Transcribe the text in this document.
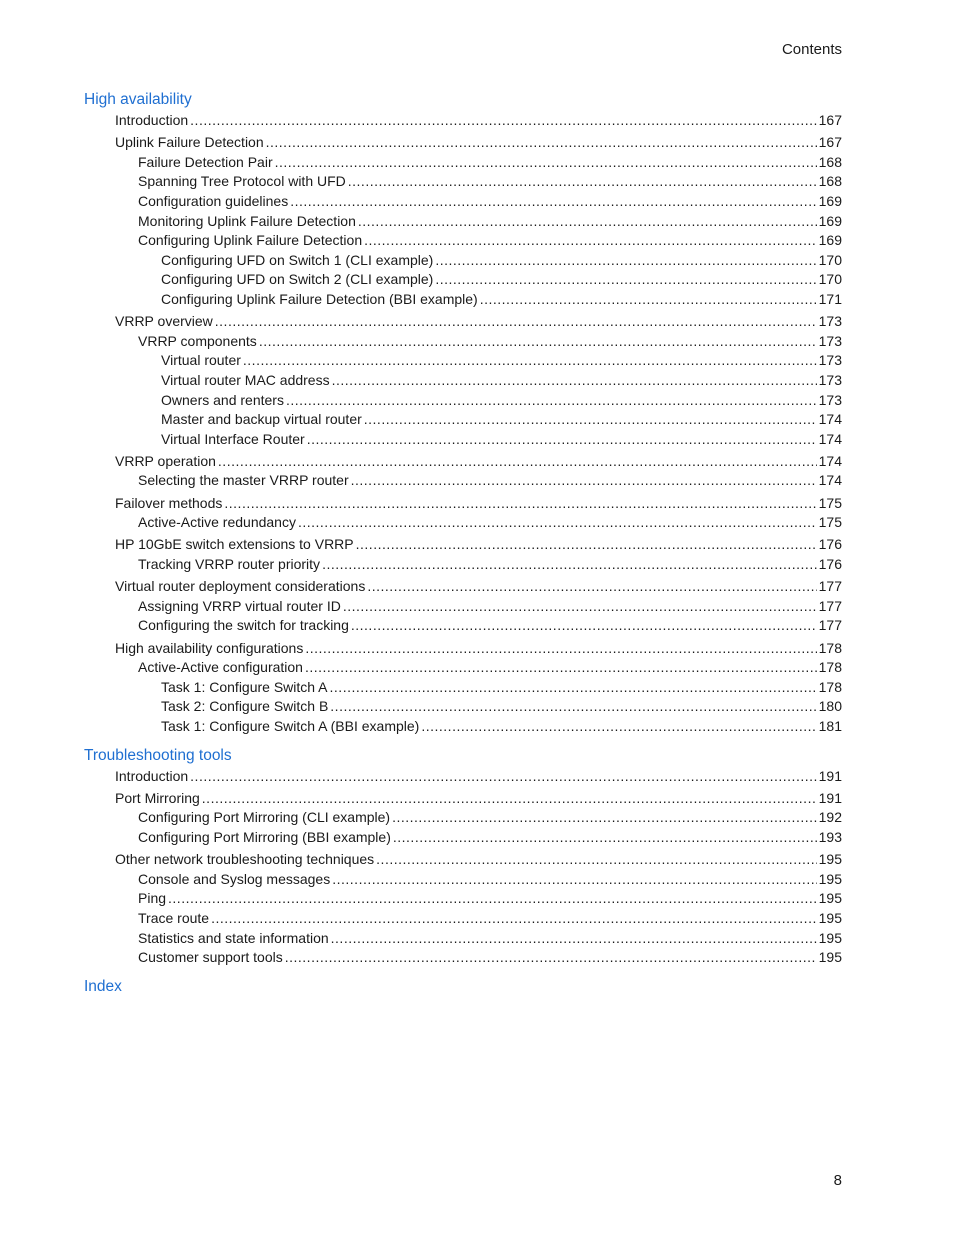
Contents
High availability
Introduction .....	167
Uplink Failure Detection .....	167
Failure Detection Pair .....	168
Spanning Tree Protocol with UFD .....	168
Configuration guidelines .....	169
Monitoring Uplink Failure Detection .....	169
Configuring Uplink Failure Detection .....	169
Configuring UFD on Switch 1 (CLI example) .....	170
Configuring UFD on Switch 2 (CLI example) .....	170
Configuring Uplink Failure Detection (BBI example) .....	171
VRRP overview .....	173
VRRP components .....	173
Virtual router .....	173
Virtual router MAC address .....	173
Owners and renters .....	173
Master and backup virtual router .....	174
Virtual Interface Router .....	174
VRRP operation .....	174
Selecting the master VRRP router .....	174
Failover methods .....	175
Active-Active redundancy .....	175
HP 10GbE switch extensions to VRRP .....	176
Tracking VRRP router priority .....	176
Virtual router deployment considerations .....	177
Assigning VRRP virtual router ID .....	177
Configuring the switch for tracking .....	177
High availability configurations .....	178
Active-Active configuration .....	178
Task 1: Configure Switch A .....	178
Task 2: Configure Switch B .....	180
Task 1: Configure Switch A (BBI example) .....	181
Troubleshooting tools
Introduction .....	191
Port Mirroring .....	191
Configuring Port Mirroring (CLI example) .....	192
Configuring Port Mirroring (BBI example) .....	193
Other network troubleshooting techniques .....	195
Console and Syslog messages .....	195
Ping .....	195
Trace route .....	195
Statistics and state information .....	195
Customer support tools .....	195
Index
8
